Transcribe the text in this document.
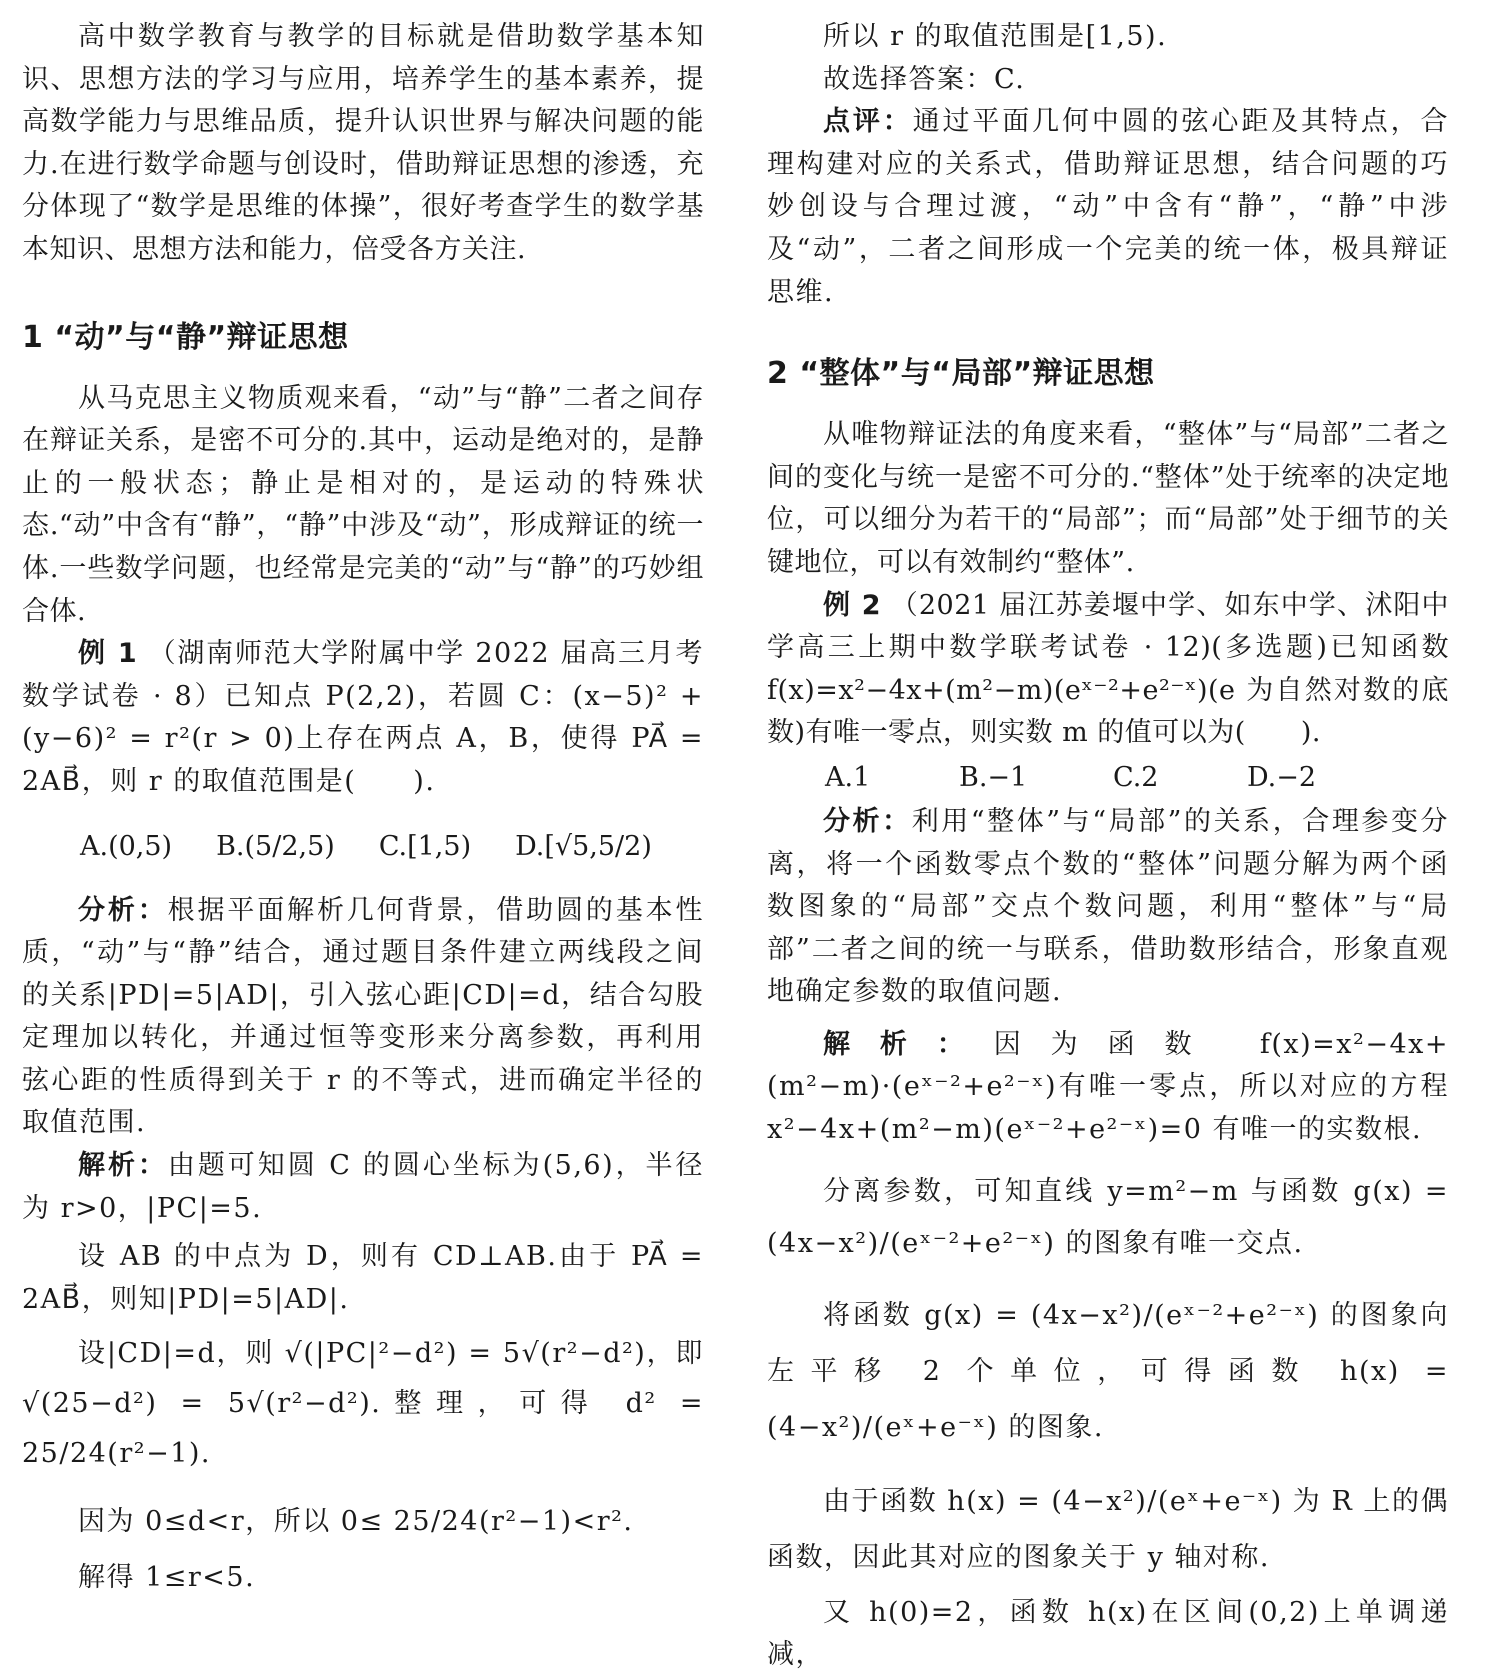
高中数学教育与教学的目标就是借助数学基本知识、思想方法的学习与应用，培养学生的基本素养，提高数学能力与思维品质，提升认识世界与解决问题的能力.在进行数学命题与创设时，借助辩证思想的渗透，充分体现了“数学是思维的体操”，很好考查学生的数学基本知识、思想方法和能力，倍受各方关注.

1 “动”与“静”辩证思想

从马克思主义物质观来看，“动”与“静”二者之间存在辩证关系，是密不可分的.其中，运动是绝对的，是静止的一般状态；静止是相对的，是运动的特殊状态.“动”中含有“静”，“静”中涉及“动”，形成辩证的统一体.一些数学问题，也经常是完美的“动”与“静”的巧妙组合体.

例 1 （湖南师范大学附属中学 2022 届高三月考数学试卷 · 8）已知点 P(2,2)，若圆 C：(x−5)² + (y−6)² = r²(r > 0)上存在两点 A，B，使得 PA⃗ = 2AB⃗，则 r 的取值范围是(　　).

A.(0,5) B.(5/2,5) C.[1,5) D.[√5,5/2)

分析：根据平面解析几何背景，借助圆的基本性质，“动”与“静”结合，通过题目条件建立两线段之间的关系|PD|=5|AD|，引入弦心距|CD|=d，结合勾股定理加以转化，并通过恒等变形来分离参数，再利用弦心距的性质得到关于 r 的不等式，进而确定半径的取值范围.

解析：由题可知圆 C 的圆心坐标为(5,6)，半径为 r>0，|PC|=5.

设 AB 的中点为 D，则有 CD⊥AB.由于 PA⃗ = 2AB⃗，则知|PD|=5|AD|.

设|CD|=d，则 √(|PC|²−d²) = 5√(r²−d²)，即 √(25−d²) = 5√(r²−d²).整理，可得 d² = 25/24(r²−1).

因为 0≤d<r，所以 0≤ 25/24(r²−1)<r².

解得 1≤r<5.

所以 r 的取值范围是[1,5).

故选择答案：C.

点评：通过平面几何中圆的弦心距及其特点，合理构建对应的关系式，借助辩证思想，结合问题的巧妙创设与合理过渡，“动”中含有“静”，“静”中涉及“动”，二者之间形成一个完美的统一体，极具辩证思维.

2 “整体”与“局部”辩证思想

从唯物辩证法的角度来看，“整体”与“局部”二者之间的变化与统一是密不可分的.“整体”处于统率的决定地位，可以细分为若干的“局部”；而“局部”处于细节的关键地位，可以有效制约“整体”.

例 2 （2021 届江苏姜堰中学、如东中学、沭阳中学高三上期中数学联考试卷 · 12)(多选题)已知函数 f(x)=x²−4x+(m²−m)(eˣ⁻²+e²⁻ˣ)(e 为自然对数的底数)有唯一零点，则实数 m 的值可以为(　　).

A.1	B.−1	C.2	D.−2

分析：利用“整体”与“局部”的关系，合理参变分离，将一个函数零点个数的“整体”问题分解为两个函数图象的“局部”交点个数问题，利用“整体”与“局部”二者之间的统一与联系，借助数形结合，形象直观地确定参数的取值问题.

解析：因为函数 f(x)=x²−4x+(m²−m)·(eˣ⁻²+e²⁻ˣ)有唯一零点，所以对应的方程 x²−4x+(m²−m)(eˣ⁻²+e²⁻ˣ)=0 有唯一的实数根.

分离参数，可知直线 y=m²−m 与函数 g(x) = (4x−x²)/(eˣ⁻²+e²⁻ˣ) 的图象有唯一交点.

将函数 g(x) = (4x−x²)/(eˣ⁻²+e²⁻ˣ) 的图象向左平移 2 个单位，可得函数 h(x) = (4−x²)/(eˣ+e⁻ˣ) 的图象.

由于函数 h(x) = (4−x²)/(eˣ+e⁻ˣ) 为 R 上的偶函数，因此其对应的图象关于 y 轴对称.

又 h(0)=2，函数 h(x)在区间(0,2)上单调递减，
